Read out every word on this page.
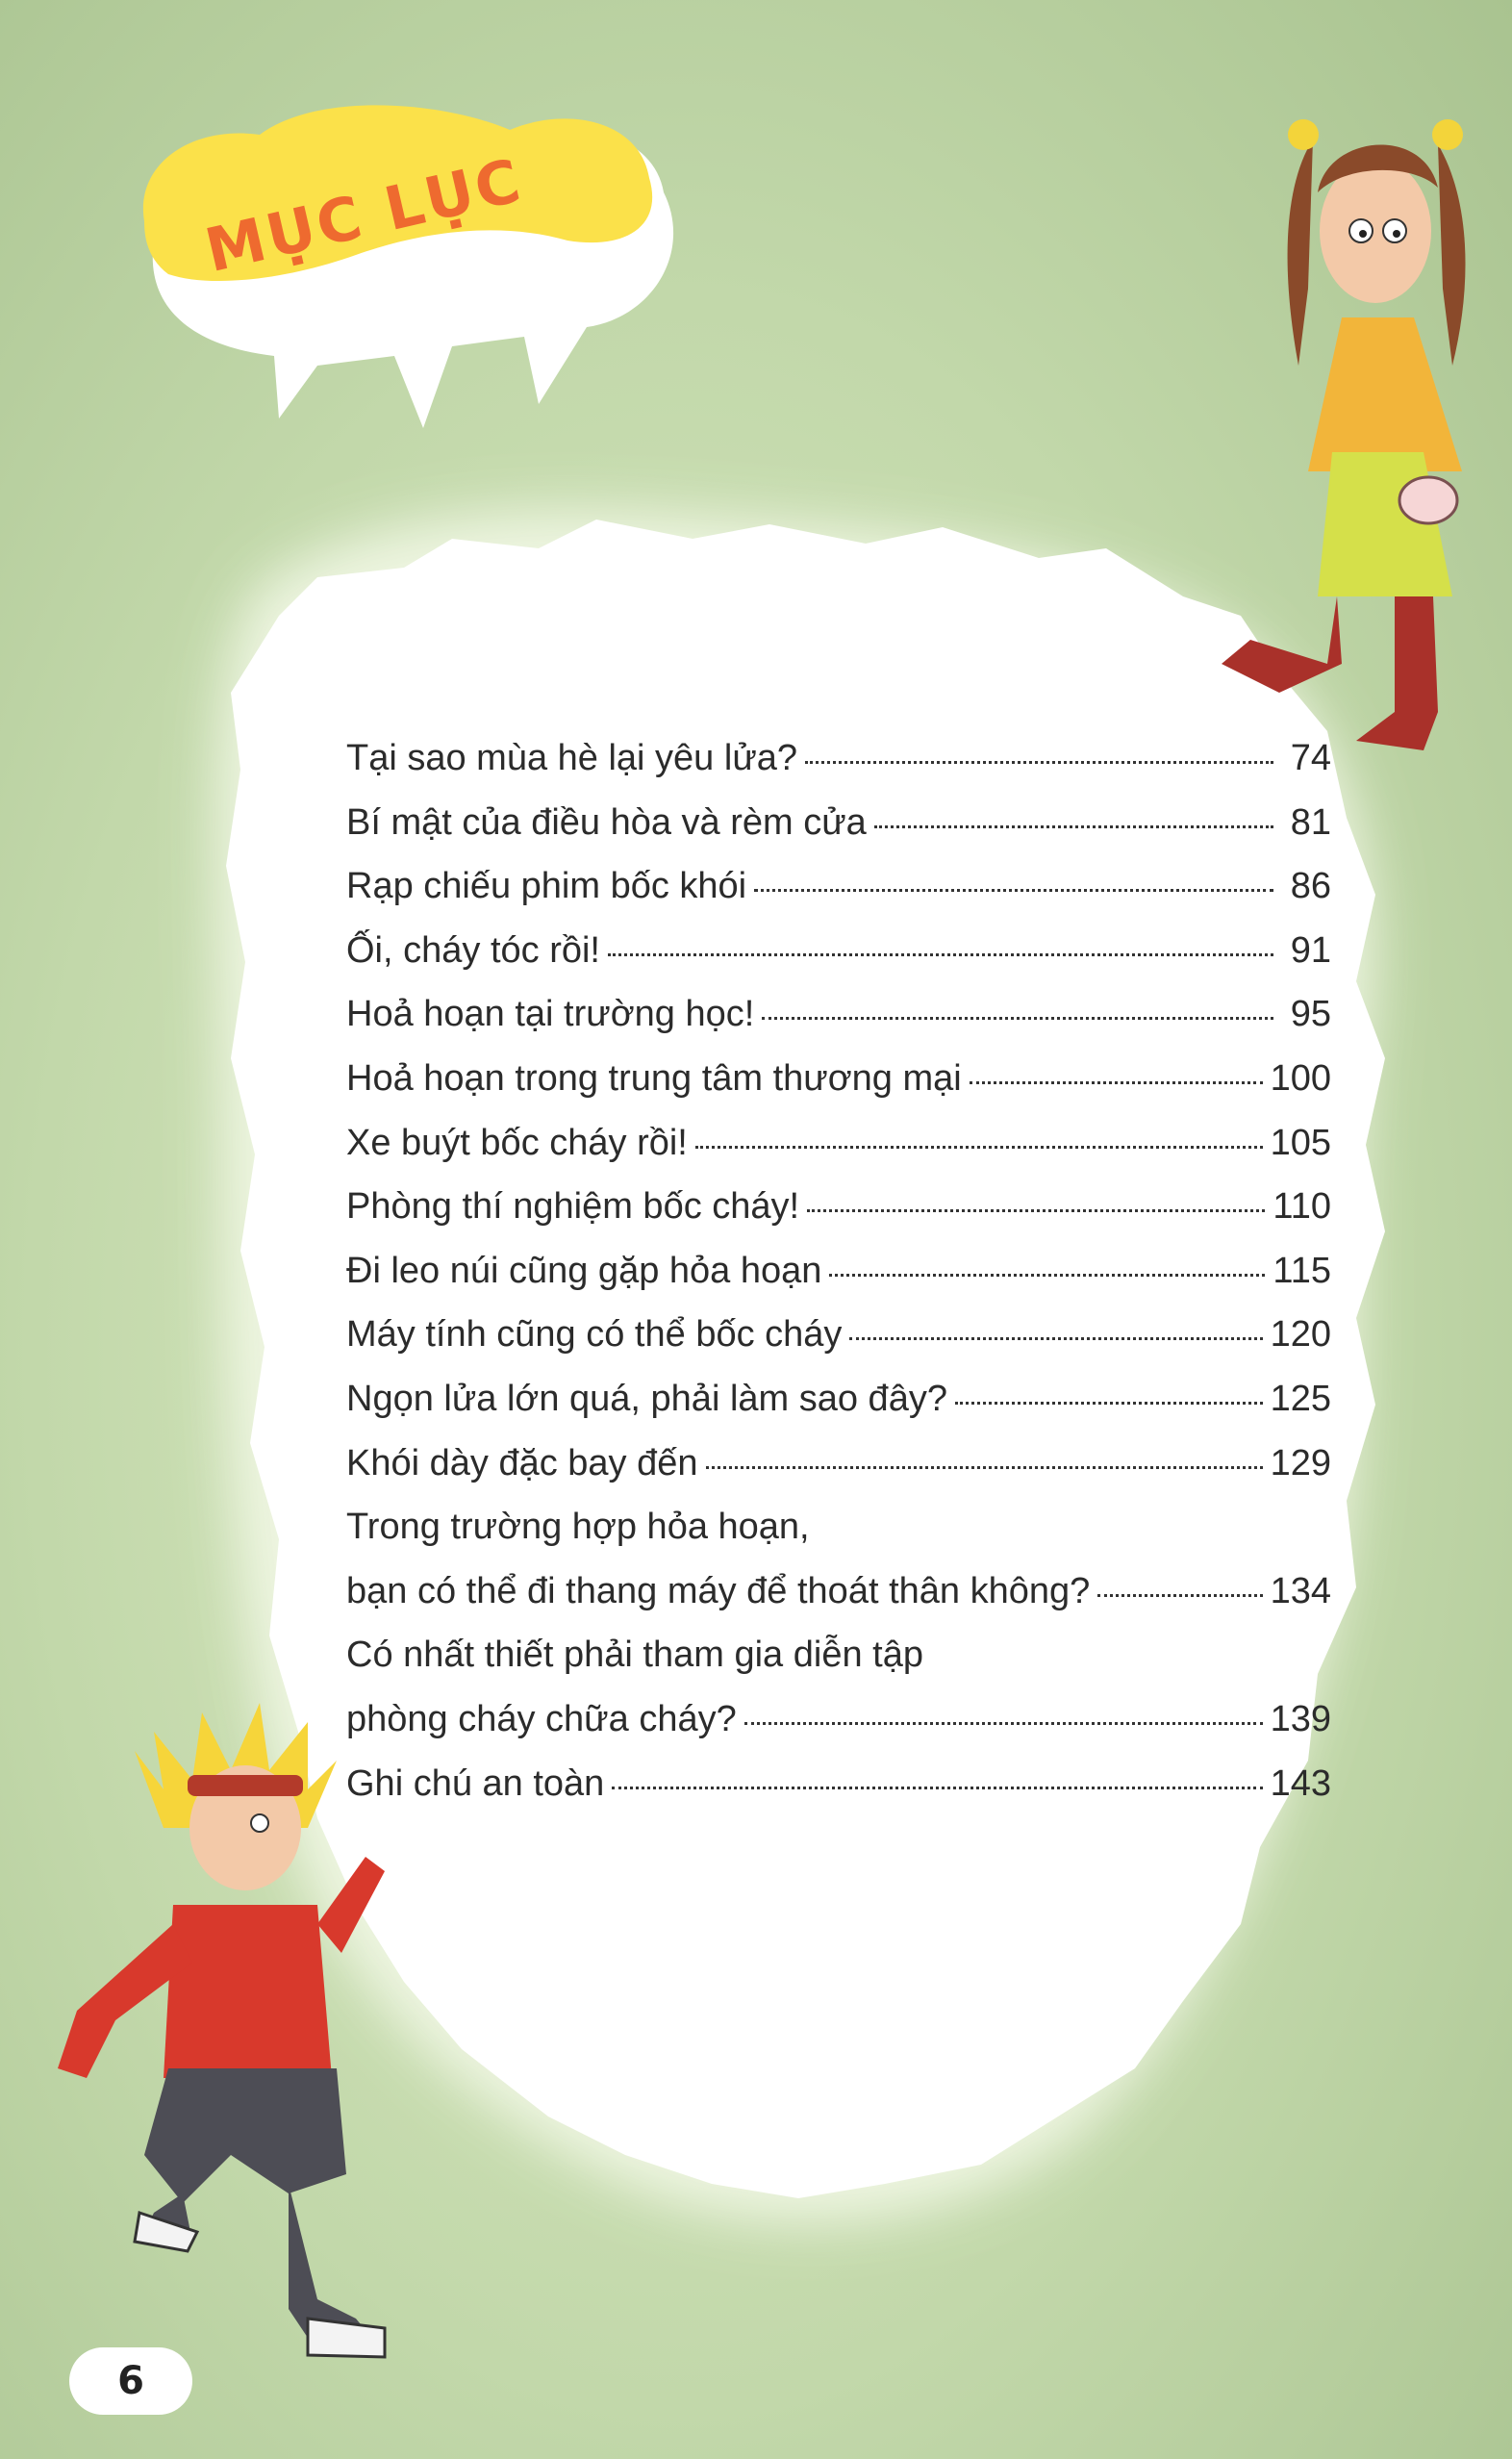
MỤC LỤC
Tại sao mùa hè lại yêu lửa?	74
Bí mật của điều hòa và rèm cửa	81
Rạp chiếu phim bốc khói	86
Ối, cháy tóc rồi!	91
Hoả hoạn tại trường học!	95
Hoả hoạn trong trung tâm thương mại	100
Xe buýt bốc cháy rồi!	105
Phòng thí nghiệm bốc cháy!	110
Đi leo núi cũng gặp hỏa hoạn	115
Máy tính cũng có thể bốc cháy	120
Ngọn lửa lớn quá, phải làm sao đây?	125
Khói dày đặc bay đến	129
Trong trường hợp hỏa hoạn,
bạn có thể đi thang máy để thoát thân không?	134
Có nhất thiết phải tham gia diễn tập
phòng cháy chữa cháy?	139
Ghi chú an toàn	143
6
